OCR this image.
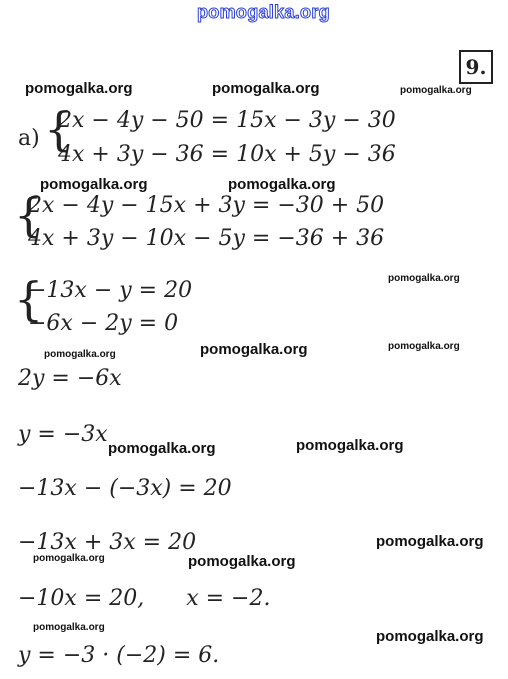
pomogalka.org
pomogalka.org	pomogalka.org	pomogalka.org
pomogalka.org	pomogalka.org
pomogalka.org
pomogalka.org	pomogalka.org	pomogalka.org
pomogalka.org	pomogalka.org
pomogalka.org
pomogalka.org	pomogalka.org
pomogalka.org
pomogalka.org
9.
а) {
2x − 4y − 50 = 15x − 3y − 30
4x + 3y − 36 = 10x + 5y − 36
{
2x − 4y − 15x + 3y = −30 + 50
4x + 3y − 10x − 5y = −36 + 36
{
−13x − y = 20
−6x − 2y = 0
2y = −6x
y = −3x
−13x − (−3x) = 20
−13x + 3x = 20
−10x = 20,      x = −2.
y = −3 · (−2) = 6.
